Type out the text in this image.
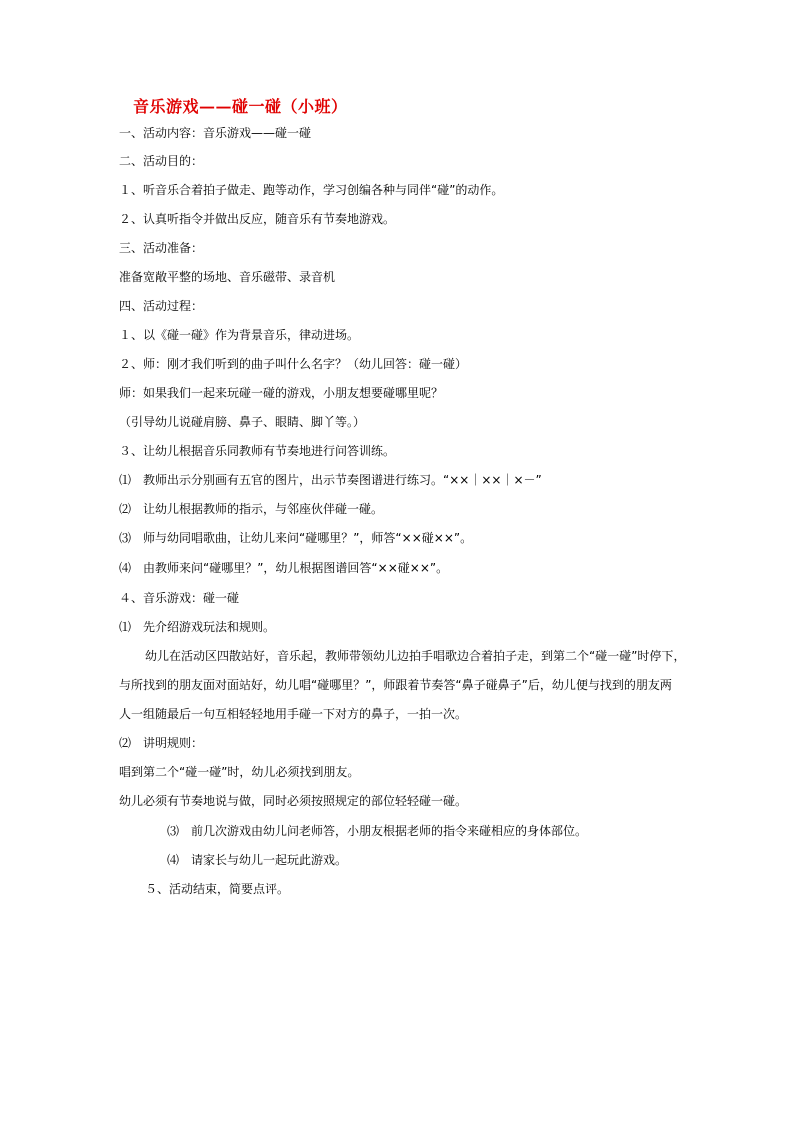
音乐游戏——碰一碰（小班）
一、活动内容：音乐游戏——碰一碰
二、活动目的：
１、听音乐合着拍子做走、跑等动作，学习创编各种与同伴“碰”的动作。
２、认真听指令并做出反应，随音乐有节奏地游戏。
三、活动准备：
准备宽敞平整的场地、音乐磁带、录音机
四、活动过程：
１、以《碰一碰》作为背景音乐，律动进场。
２、师：刚才我们听到的曲子叫什么名字？（幼儿回答：碰一碰）
师：如果我们一起来玩碰一碰的游戏，小朋友想要碰哪里呢？
（引导幼儿说碰肩膀、鼻子、眼睛、脚丫等。）
３、让幼儿根据音乐同教师有节奏地进行问答训练。
⑴　教师出示分别画有五官的图片，出示节奏图谱进行练习。“××｜××｜×－”
⑵　让幼儿根据教师的指示，与邻座伙伴碰一碰。
⑶　师与幼同唱歌曲，让幼儿来问“碰哪里？”，师答“××碰××”。
⑷　由教师来问“碰哪里？”，幼儿根据图谱回答“××碰××”。
４、音乐游戏：碰一碰
⑴　先介绍游戏玩法和规则。
幼儿在活动区四散站好，音乐起，教师带领幼儿边拍手唱歌边合着拍子走，到第二个“碰一碰”时停下，
与所找到的朋友面对面站好，幼儿唱“碰哪里？”，师跟着节奏答“鼻子碰鼻子”后，幼儿便与找到的朋友两
人一组随最后一句互相轻轻地用手碰一下对方的鼻子，一拍一次。
⑵　讲明规则：
唱到第二个“碰一碰”时，幼儿必须找到朋友。
幼儿必须有节奏地说与做，同时必须按照规定的部位轻轻碰一碰。
⑶　前几次游戏由幼儿问老师答，小朋友根据老师的指令来碰相应的身体部位。
⑷　请家长与幼儿一起玩此游戏。
５、活动结束，简要点评。
